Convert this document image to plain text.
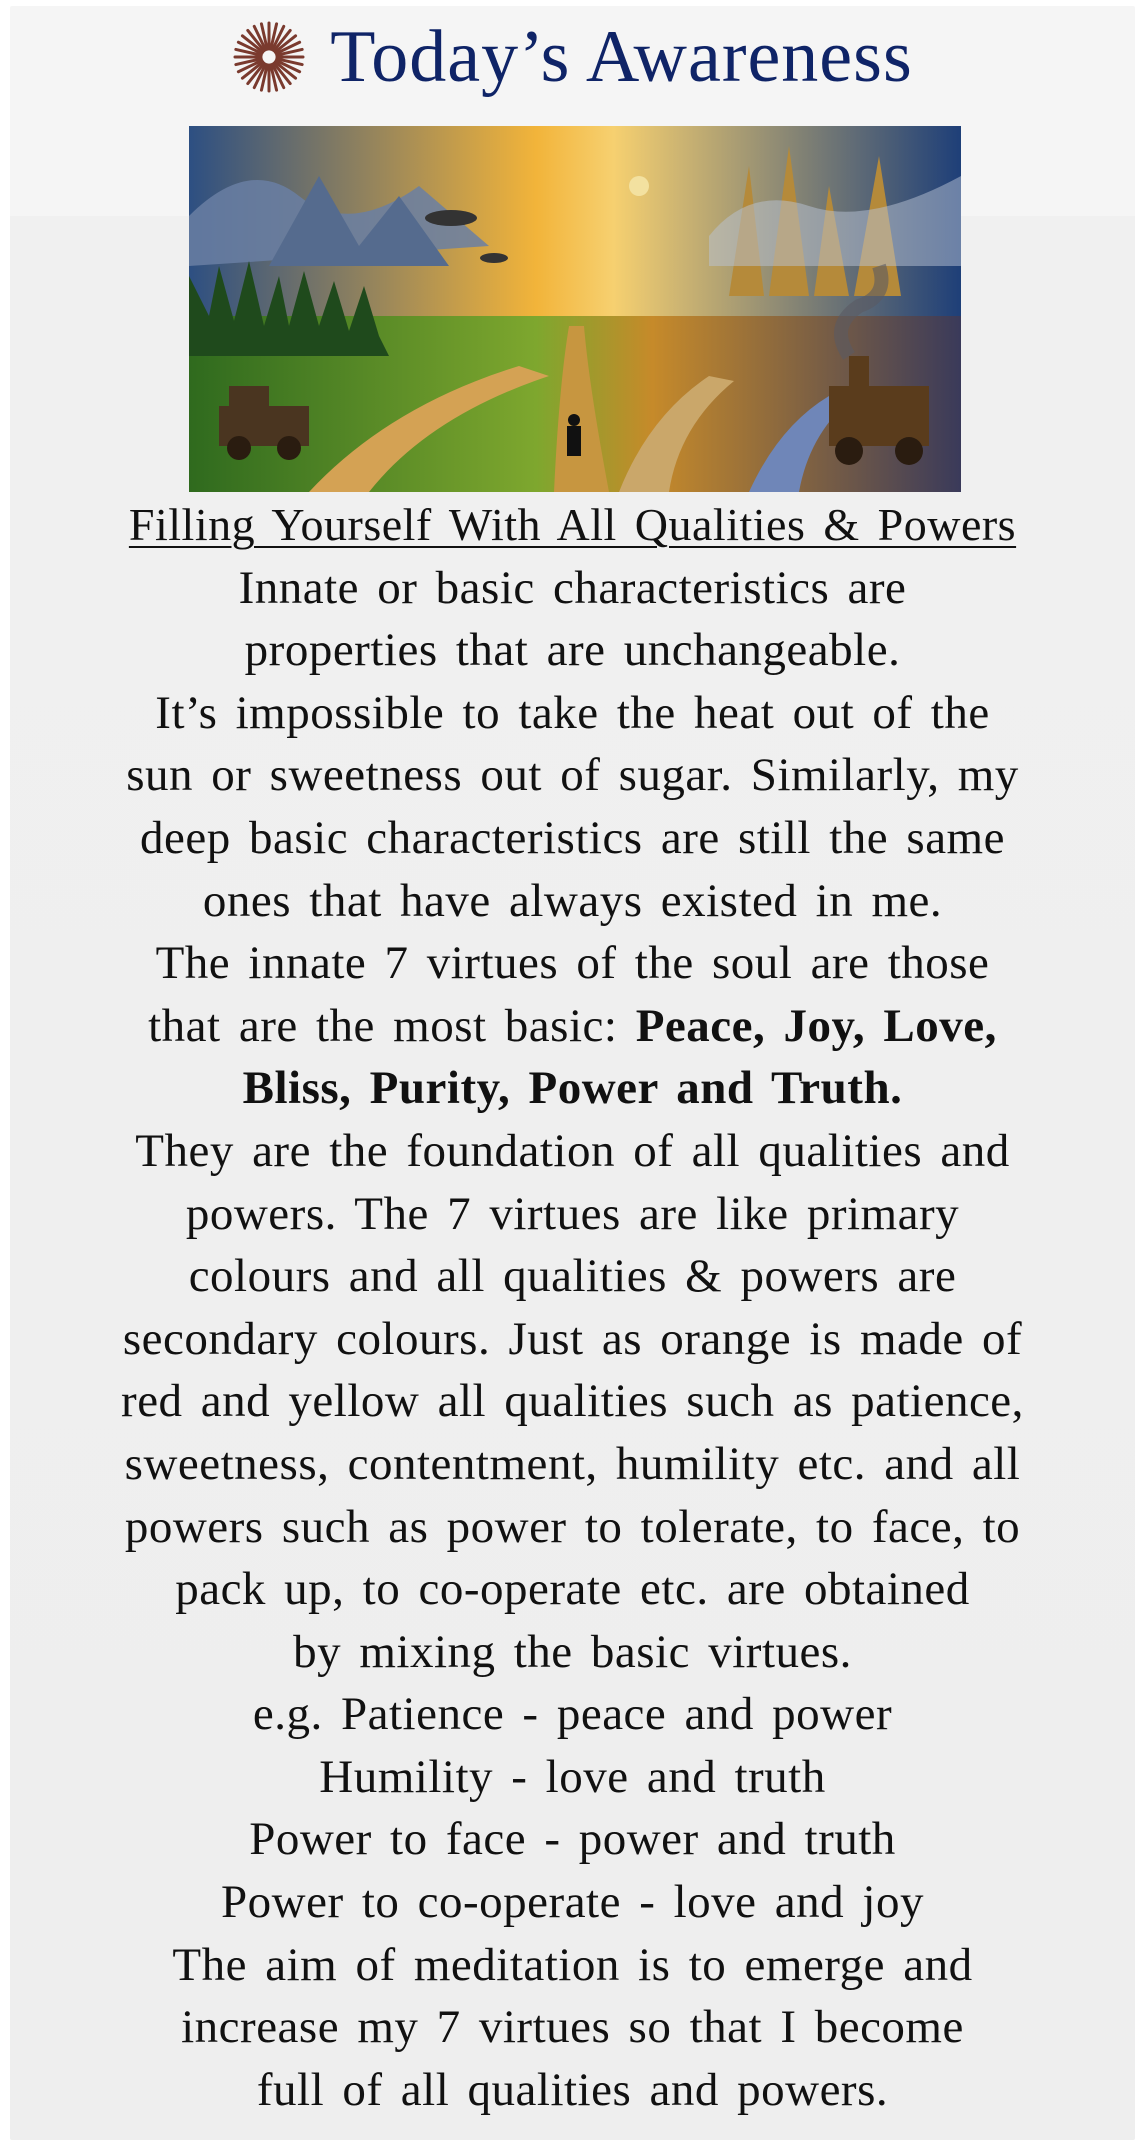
Today’s Awareness
Filling Yourself With All Qualities & Powers
Innate or basic characteristics are
properties that are unchangeable.
It’s impossible to take the heat out of the
sun or sweetness out of sugar. Similarly, my
deep basic characteristics are still the same
ones that have always existed in me.
The innate 7 virtues of the soul are those
that are the most basic: Peace, Joy, Love,
Bliss, Purity, Power and Truth.
They are the foundation of all qualities and
powers. The 7 virtues are like primary
colours and all qualities & powers are
secondary colours. Just as orange is made of
red and yellow all qualities such as patience,
sweetness, contentment, humility etc. and all
powers such as power to tolerate, to face, to
pack up, to co-operate etc. are obtained
by mixing the basic virtues.
e.g. Patience - peace and power
Humility - love and truth
Power to face - power and truth
Power to co-operate - love and joy
The aim of meditation is to emerge and
increase my 7 virtues so that I become
full of all qualities and powers.
